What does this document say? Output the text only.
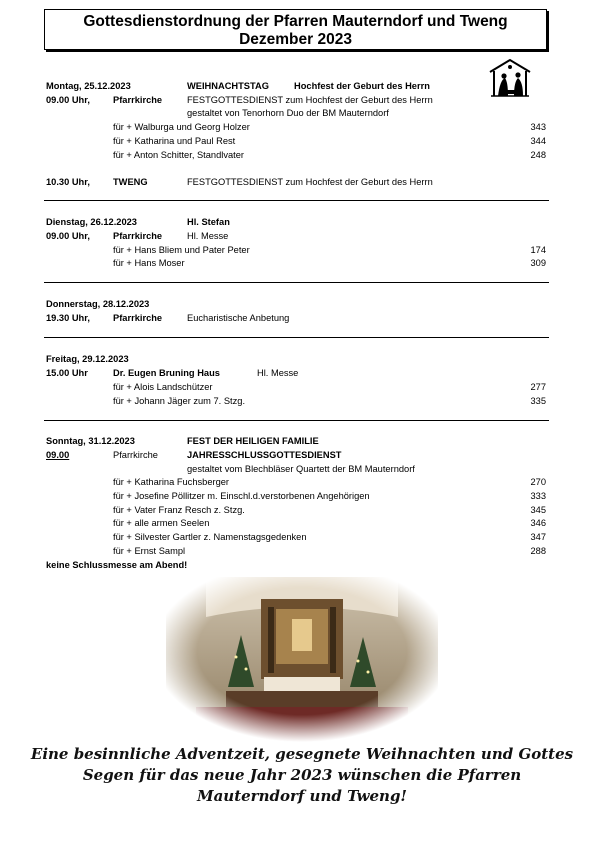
Gottesdienstordnung der Pfarren Mauterndorf und Tweng
Dezember 2023
Montag, 25.12.2023	WEIHNACHTSTAG	Hochfest der Geburt des Herrn
09.00 Uhr, Pfarrkirche	FESTGOTTESDIENST zum Hochfest der Geburt des Herrn
gestaltet von Tenorhorn Duo der BM Mauterndorf
für + Walburga und Georg Holzer	343
für + Katharina und Paul Rest	344
für + Anton Schitter, Standlvater	248
10.30 Uhr, TWENG	FESTGOTTESDIENST zum Hochfest der Geburt des Herrn
Dienstag, 26.12.2023	Hl. Stefan
09.00 Uhr, Pfarrkirche	Hl. Messe
für + Hans Bliem und Pater Peter	174
für + Hans Moser	309
Donnerstag, 28.12.2023
19.30 Uhr, Pfarrkirche	Eucharistische Anbetung
Freitag, 29.12.2023
15.00 Uhr	Dr. Eugen Bruning Haus	Hl. Messe
für + Alois Landschützer	277
für + Johann Jäger zum 7. Stzg.	335
Sonntag, 31.12.2023	FEST DER HEILIGEN FAMILIE
09.00	Pfarrkirche	JAHRESSCHLUSSGOTTESDIENST
gestaltet vom Blechbläser Quartett der BM Mauterndorf
für + Katharina Fuchsberger	270
für + Josefine Pöllitzer m. Einschl.d.verstorbenen Angehörigen	333
für + Vater Franz Resch z. Stzg.	345
für + alle armen Seelen	346
für + Silvester Gartler z. Namenstagsgedenken	347
für + Ernst Sampl	288
keine Schlussmesse am Abend!
Eine besinnliche Adventzeit, gesegnete Weihnachten und Gottes
Segen für das neue Jahr 2023 wünschen die Pfarren
Mauterndorf und Tweng!
